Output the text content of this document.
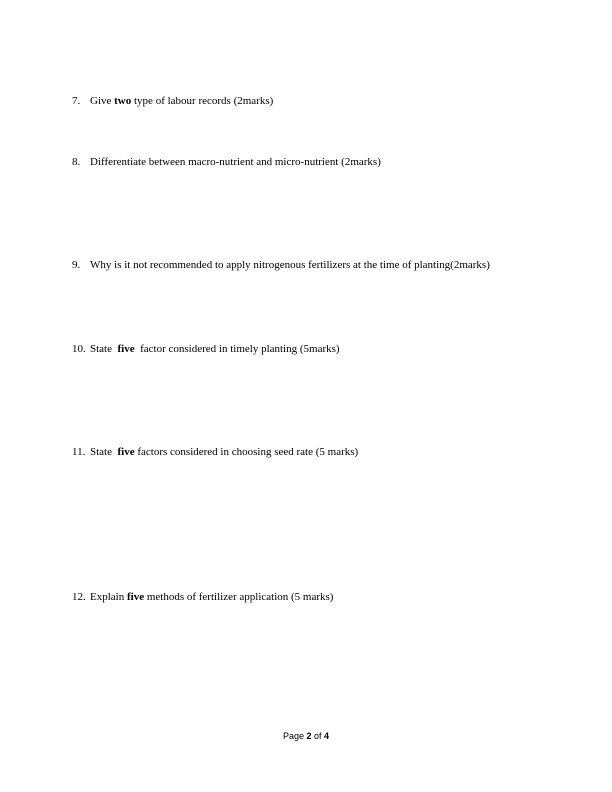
7. Give two type of labour records (2marks)
8. Differentiate between macro-nutrient and micro-nutrient (2marks)
9. Why is it not recommended to apply nitrogenous fertilizers at the time of planting(2marks)
10. State  five  factor considered in timely planting (5marks)
11. State  five factors considered in choosing seed rate (5 marks)
12. Explain five methods of fertilizer application (5 marks)
Page 2 of 4
